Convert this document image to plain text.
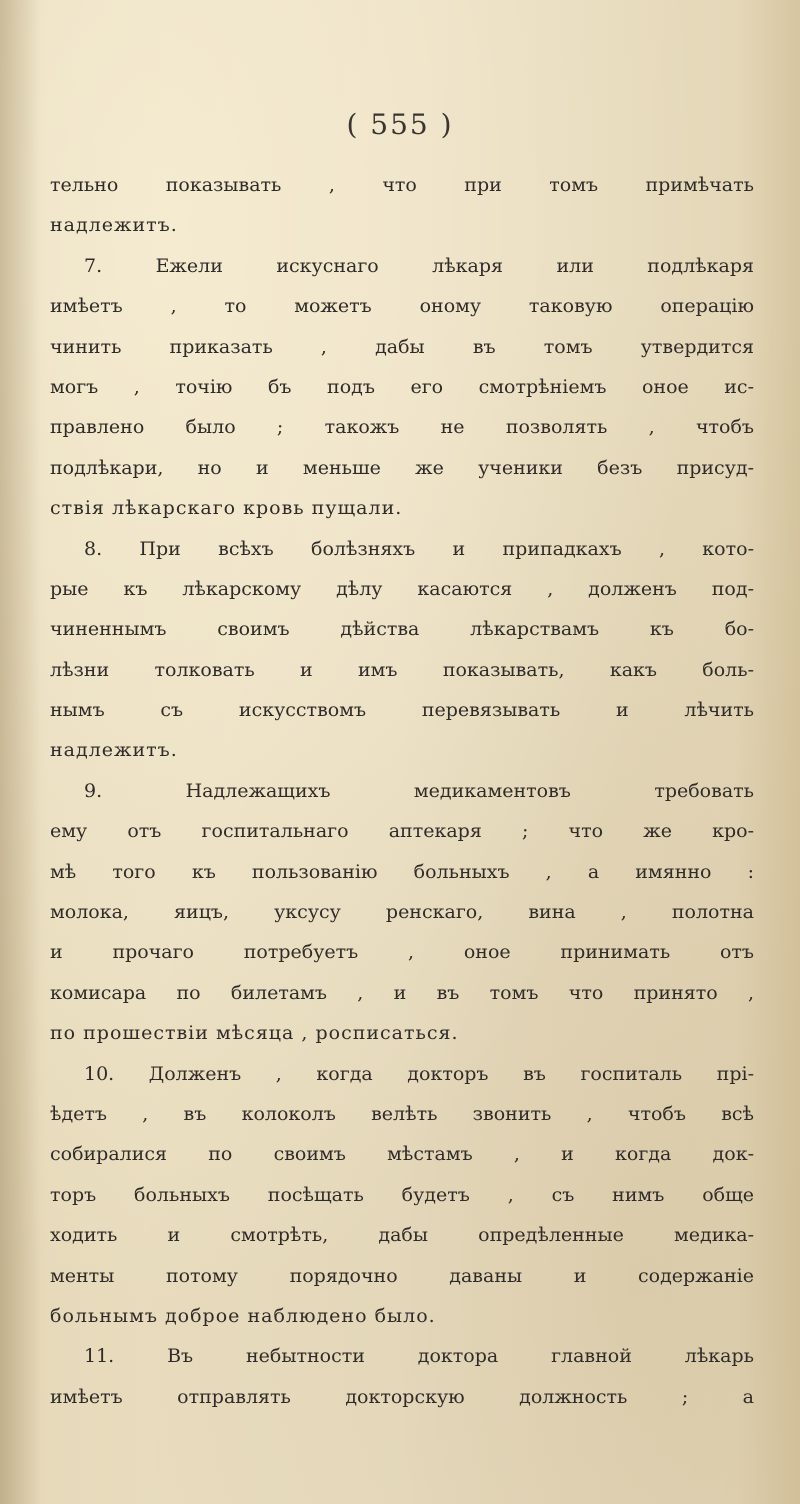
( 555 )
тельно показывать , что при томъ примѣчать
надлежитъ.
7. Ежели искуснаго лѣкаря или подлѣкаря
имѣетъ , то можетъ оному таковую операцію
чинить приказать , дабы въ томъ утвердится
могъ , точію бъ подъ его смотрѣніемъ оное ис-
правлено было ; такожъ не позволять , чтобъ
подлѣкари, но и меньше же ученики безъ присуд-
ствія лѣкарскаго кровь пущали.
8. При всѣхъ болѣзняхъ и припадкахъ , кото-
рые къ лѣкарскому дѣлу касаются , долженъ под-
чиненнымъ своимъ дѣйства лѣкарствамъ къ бо-
лѣзни толковать и имъ показывать, какъ боль-
нымъ съ искусствомъ перевязывать и лѣчить
надлежитъ.
9. Надлежащихъ медикаментовъ требовать
ему отъ госпитальнаго аптекаря ; что же кро-
мѣ того къ пользованію больныхъ , а имянно :
молока, яицъ, уксусу ренскаго, вина , полотна
и прочаго потребуетъ , оное принимать отъ
комисара по билетамъ , и въ томъ что принято ,
по прошествіи мѣсяца , росписаться.
10. Долженъ , когда докторъ въ госпиталь прі-
ѣдетъ , въ колоколъ велѣть звонить , чтобъ всѣ
собиралися по своимъ мѣстамъ , и когда док-
торъ больныхъ посѣщать будетъ , съ нимъ обще
ходить и смотрѣть, дабы опредѣленные медика-
менты потому порядочно даваны и содержаніе
больнымъ доброе наблюдено было.
11. Въ небытности доктора главной лѣкарь
имѣетъ отправлять докторскую должность ; а
